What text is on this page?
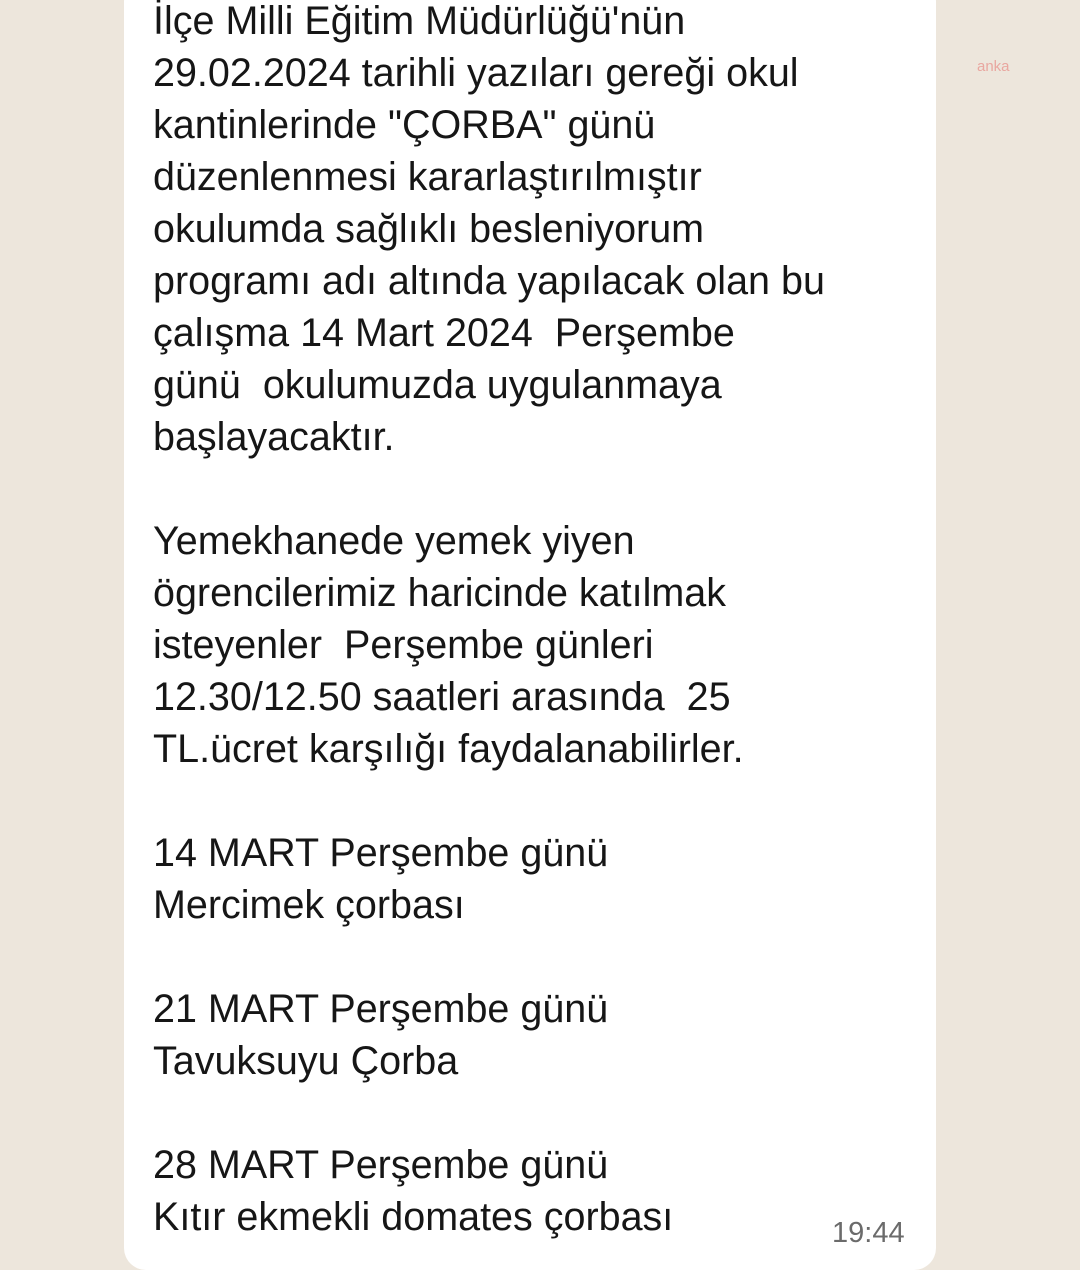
anka
İlçe Milli Eğitim Müdürlüğü'nün
29.02.2024 tarihli yazıları gereği okul
kantinlerinde "ÇORBA" günü
düzenlenmesi kararlaştırılmıştır
okulumda sağlıklı besleniyorum
programı adı altında yapılacak olan bu
çalışma 14 Mart 2024  Perşembe
günü  okulumuzda uygulanmaya
başlayacaktır.
Yemekhanede yemek yiyen
ögrencilerimiz haricinde katılmak
isteyenler  Perşembe günleri
12.30/12.50 saatleri arasında  25
TL.ücret karşılığı faydalanabilirler.
14 MART Perşembe günü
Mercimek çorbası
21 MART Perşembe günü
Tavuksuyu Çorba
28 MART Perşembe günü
Kıtır ekmekli domates çorbası	19:44
